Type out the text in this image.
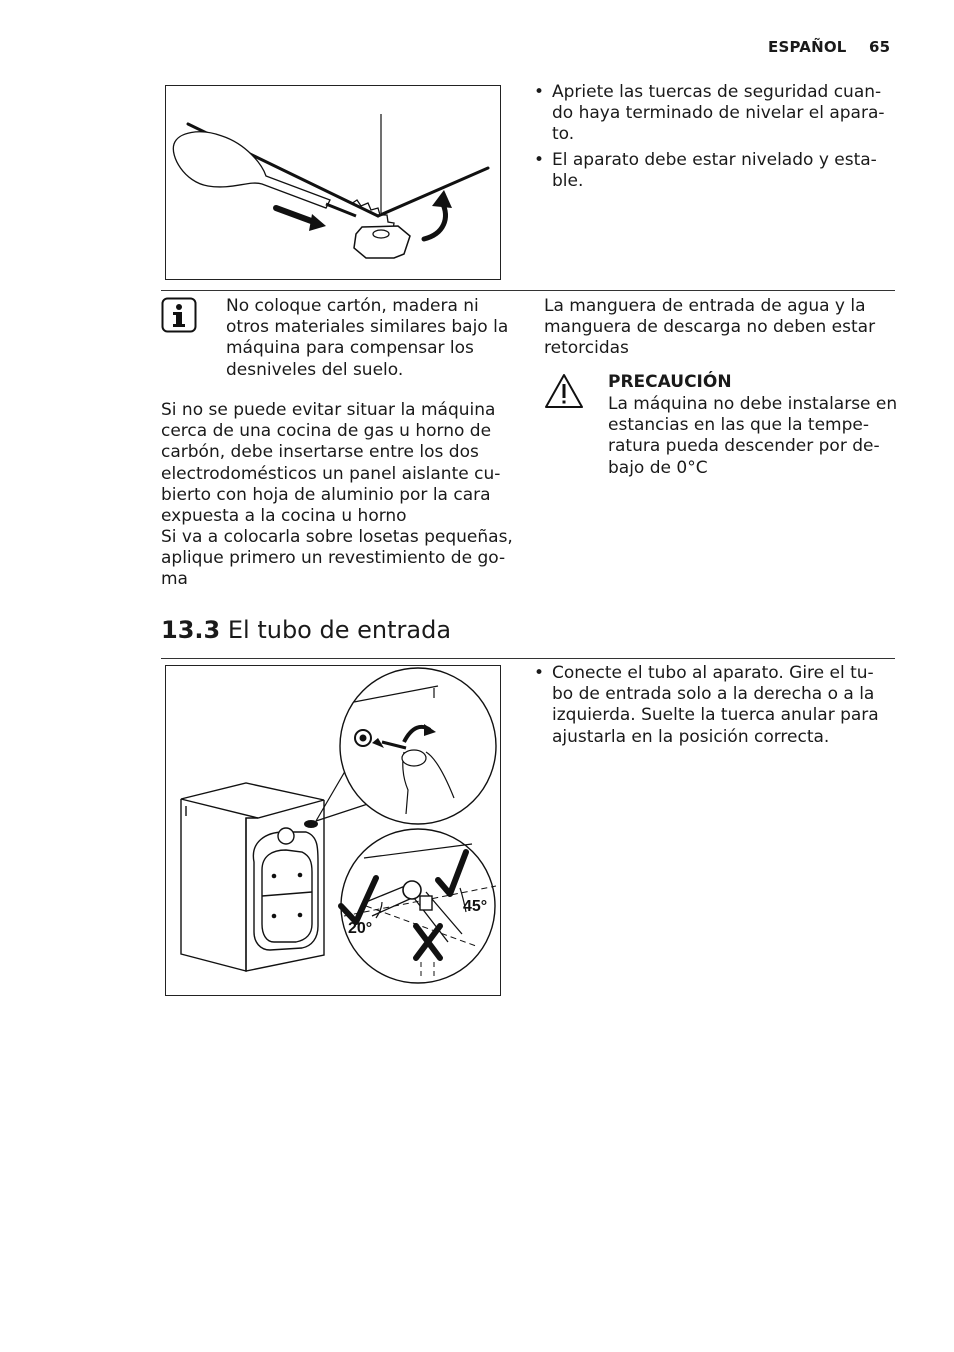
ESPAÑOL 65
• Apriete las tuercas de seguridad cuan-do haya terminado de nivelar el apara-to.
• El aparato debe estar nivelado y esta-ble.
No coloque cartón, madera ni otros materiales similares bajo la máquina para compensar los desniveles del suelo.
Si no se puede evitar situar la máquina cerca de una cocina de gas u horno de carbón, debe insertarse entre los dos electrodomésticos un panel aislante cu-bierto con hoja de aluminio por la cara expuesta a la cocina u horno
Si va a colocarla sobre losetas pequeñas, aplique primero un revestimiento de go-ma
La manguera de entrada de agua y la manguera de descarga no deben estar retorcidas
PRECAUCIÓN
La máquina no debe instalarse en estancias en las que la tempe-ratura pueda descender por de-bajo de 0°C
13.3 El tubo de entrada
20°
45°
• Conecte el tubo al aparato. Gire el tu-bo de entrada solo a la derecha o a la izquierda. Suelte la tuerca anular para ajustarla en la posición correcta.
